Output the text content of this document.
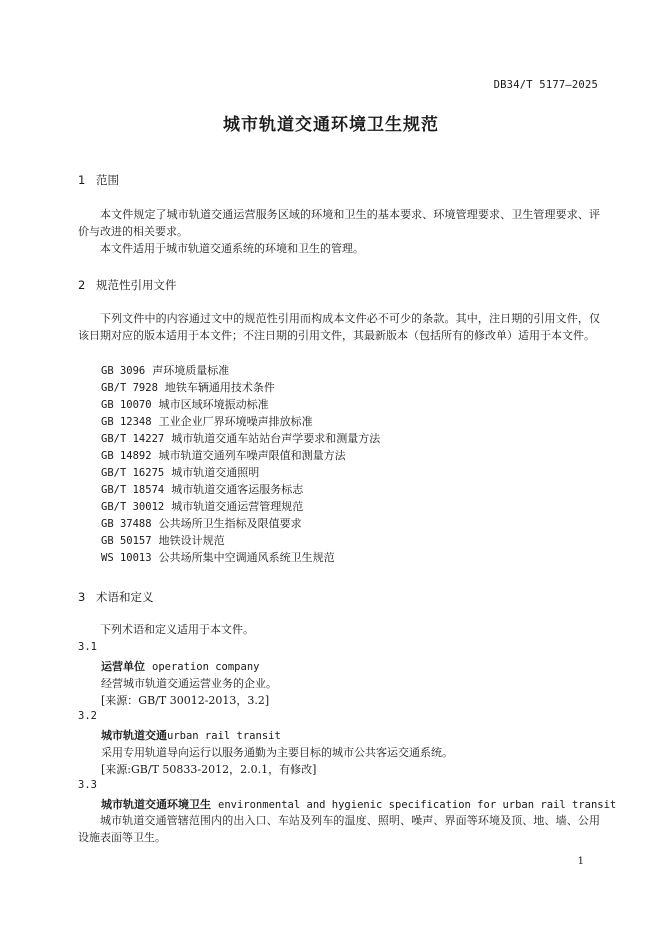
DB34/T 5177—2025
城市轨道交通环境卫生规范
1 范围
本文件规定了城市轨道交通运营服务区域的环境和卫生的基本要求、环境管理要求、卫生管理要求、评价与改进的相关要求。
本文件适用于城市轨道交通系统的环境和卫生的管理。
2 规范性引用文件
下列文件中的内容通过文中的规范性引用而构成本文件必不可少的条款。其中，注日期的引用文件，仅该日期对应的版本适用于本文件；不注日期的引用文件，其最新版本（包括所有的修改单）适用于本文件。
GB 3096 声环境质量标准
GB/T 7928 地铁车辆通用技术条件
GB 10070 城市区域环境振动标准
GB 12348 工业企业厂界环境噪声排放标准
GB/T 14227 城市轨道交通车站站台声学要求和测量方法
GB 14892 城市轨道交通列车噪声限值和测量方法
GB/T 16275 城市轨道交通照明
GB/T 18574 城市轨道交通客运服务标志
GB/T 30012 城市轨道交通运营管理规范
GB 37488 公共场所卫生指标及限值要求
GB 50157 地铁设计规范
WS 10013 公共场所集中空调通风系统卫生规范
3 术语和定义
下列术语和定义适用于本文件。
3.1
运营单位 operation company
经营城市轨道交通运营业务的企业。
[来源：GB/T 30012-2013，3.2]
3.2
城市轨道交通urban rail transit
采用专用轨道导向运行以服务通勤为主要目标的城市公共客运交通系统。
[来源:GB/T 50833-2012，2.0.1，有修改]
3.3
城市轨道交通环境卫生 environmental and hygienic specification for urban rail transit
城市轨道交通管辖范围内的出入口、车站及列车的温度、照明、噪声、界面等环境及顶、地、墙、公用设施表面等卫生。
1
